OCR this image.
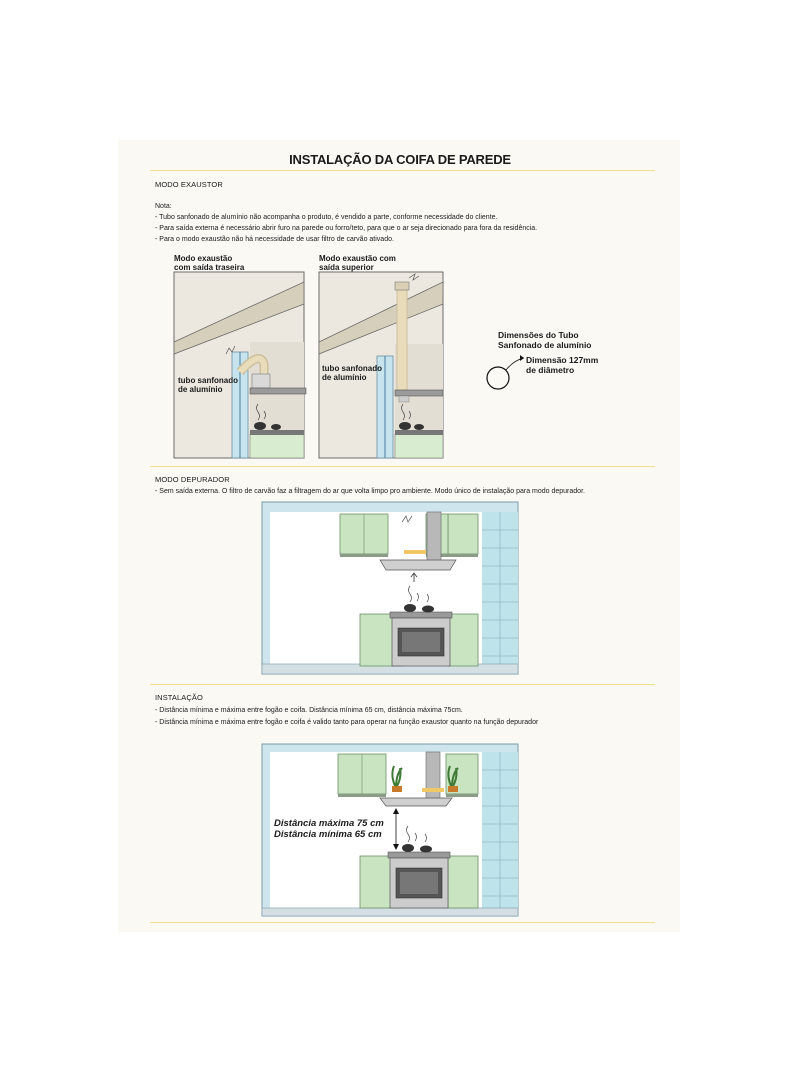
INSTALAÇÃO DA COIFA DE PAREDE
MODO EXAUSTOR
Nota:
- Tubo sanfonado de alumínio não acompanha o produto, é vendido a parte, conforme necessidade do cliente.
- Para saída externa é necessário abrir furo na parede ou forro/teto, para que o ar seja direcionado para fora da residência.
- Para o modo exaustão não há necessidade de usar filtro de carvão ativado.
Modo exaustão
com saída traseira
Modo exaustão com
saída superior
tubo sanfonado
de alumínio
tubo sanfonado
de alumínio
Dimensões do Tubo
Sanfonado de alumínio
Dimensão 127mm
de diâmetro
MODO DEPURADOR
- Sem saída externa. O filtro de carvão faz a filtragem do ar que volta limpo pro ambiente. Modo único de instalação para modo depurador.
INSTALAÇÃO
- Distância mínima e máxima entre fogão e coifa. Distância mínima 65 cm, distância máxima 75cm.
- Distância mínima e máxima entre fogão e coifa é valido tanto para operar na função exaustor quanto na função depurador
Distância máxima 75 cm
Distância mínima 65 cm
